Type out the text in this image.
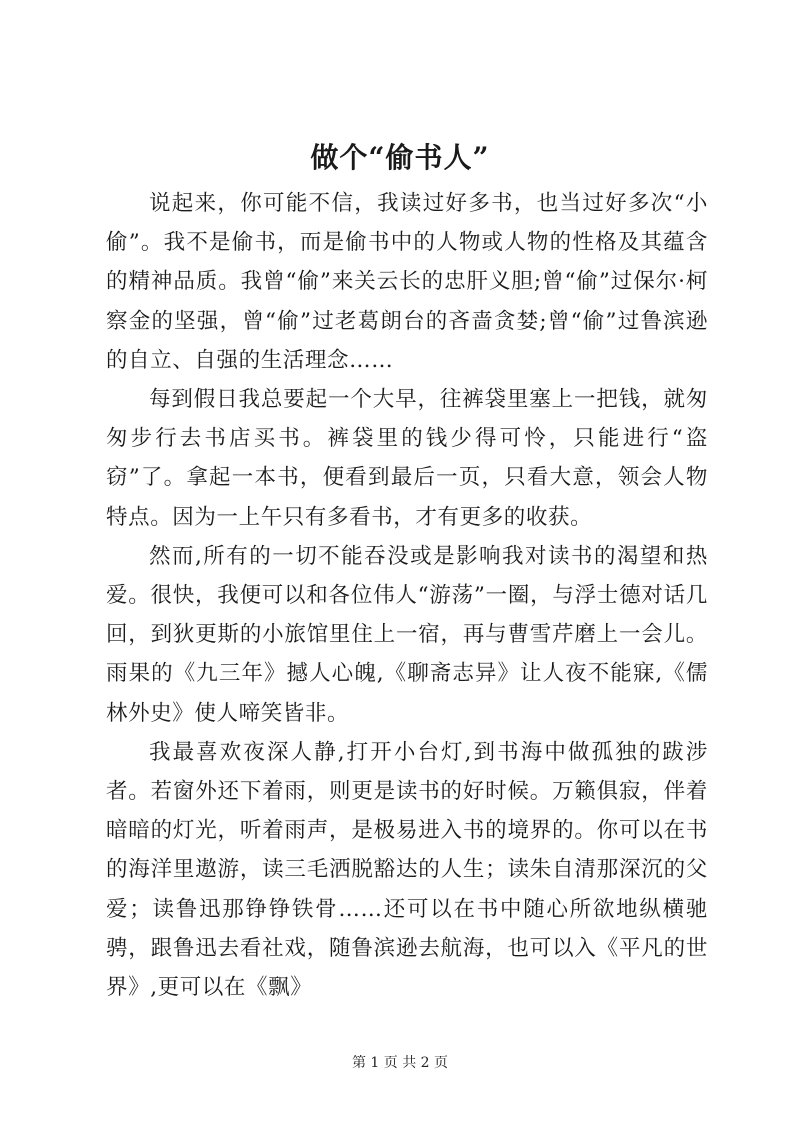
做个“偷书人”

说起来，你可能不信，我读过好多书，也当过好多次“小偷”。我不是偷书，而是偷书中的人物或人物的性格及其蕴含的精神品质。我曾“偷”来关云长的忠肝义胆;曾“偷”过保尔·柯察金的坚强，曾“偷”过老葛朗台的吝啬贪婪;曾“偷”过鲁滨逊的自立、自强的生活理念……

每到假日我总要起一个大早，往裤袋里塞上一把钱，就匆匆步行去书店买书。裤袋里的钱少得可怜，只能进行“盗窃”了。拿起一本书，便看到最后一页，只看大意，领会人物特点。因为一上午只有多看书，才有更多的收获。

然而,所有的一切不能吞没或是影响我对读书的渴望和热爱。很快，我便可以和各位伟人“游荡”一圈，与浮士德对话几回，到狄更斯的小旅馆里住上一宿，再与曹雪芹磨上一会儿。雨果的《九三年》撼人心魄,《聊斋志异》让人夜不能寐,《儒林外史》使人啼笑皆非。

我最喜欢夜深人静,打开小台灯,到书海中做孤独的跋涉者。若窗外还下着雨，则更是读书的好时候。万籁俱寂，伴着暗暗的灯光，听着雨声，是极易进入书的境界的。你可以在书的海洋里遨游，读三毛洒脱豁达的人生；读朱自清那深沉的父爱；读鲁迅那铮铮铁骨……还可以在书中随心所欲地纵横驰骋，跟鲁迅去看社戏，随鲁滨逊去航海，也可以入《平凡的世界》,更可以在《飘》

第 1 页 共 2 页
